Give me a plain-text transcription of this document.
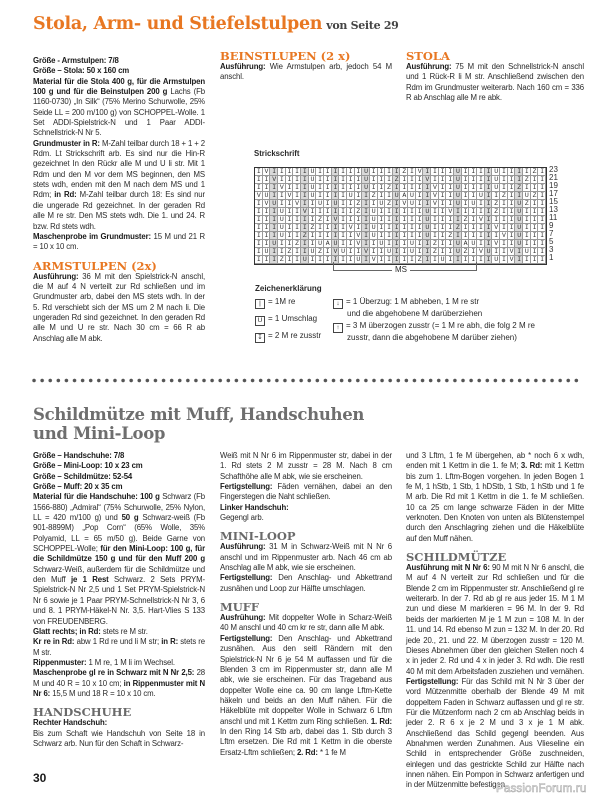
Stola, Arm- und Stiefelstulpen von Seite 29

Größe - Armstulpen: 7/8

Größe – Stola: 50 x 160 cm

Material für die Stola 400 g, für die Armstulpen 100 g und für die Beinstulpen 200 g Lachs (Fb 1160-0730) „In Silk“ (75% Merino Schurwolle, 25% Seide LL = 200 m/100 g) von SCHOPPEL-Wolle. 1 Set ADDI-Spielstrick-N und 1 Paar ADDI-Schnellstrick-N Nr 5.

Grundmuster in R: M-Zahl teilbar durch 18 + 1 + 2 Rdm. Lt Strickschrift arb. Es sind nur die Hin-R gezeichnet In den Rückr alle M und U li str. Mit 1 Rdm und den M vor dem MS beginnen, den MS stets wdh, enden mit den M nach dem MS und 1 Rdm; in Rd: M-Zahl teilbar durch 18: Es sind nur die ungerade Rd gezeichnet. In der geraden Rd alle M re str. Den MS stets wdh. Die 1. und 24. R bzw. Rd stets wdh.

Maschenprobe im Grundmuster: 15 M und 21 R = 10 x 10 cm.

ARMSTULPEN (2x)

Ausführung: 36 M mit den Spielstrick-N anschl, die M auf 4 N verteilt zur Rd schließen und im Grundmuster arb, dabei den MS stets wdh. In der 5. Rd verschiebt sich der MS um 2 M nach li. Die ungeraden Rd sind gezeichnet. In den geraden Rd alle M und U re str. Nach 30 cm = 66 R ab Anschlag alle M abk.

BEINSTLUPEN (2 x)

Ausführung: Wie Armstulpen arb, jedoch 54 M anschl.

STOLA

Ausführung: 75 M mit den Schnellstrick-N anschl und 1 Rück-R li M str. Anschließend zwischen den Rdm im Grundmuster weiterarb. Nach 160 cm = 336 R ab Anschlag alle M re abk.

Strickschrift
IVIIIIIUIIIIIIUIIIIZIVIIIIUIIIIUIIIIZI
IIVIIIIUIIIIIIUIIIZIIIVIIIUIIIIUIIIZII
IIIVIIIUIIIIIIUIIZIIIIIVIIUIIIIUIIZIII
VUIIVIIUIIIIUIIZIIUAUIIVIIUIIUIIZIIUZI
IVUIIVIIUIUIIZIIUZIVUIIVIIUIUIIZIIUZII
IIIUIIVIIIIIIZIUIIIIIIUIIVIIIIIZIIUIII
IIIUIIIIZIVIIIIUIIIIIIUIIIIZIVIIIIUIII
IIIUIIIZIIIIVIIUIIIIIIUIIIZIIIIVIIUIII
IIIUIIZIIIIIIVIUIIIIIIUIIZIIIIIIVIUIII
IIUIIZIIUAUIIVIIUIIIUIIZIIUAUIIVIIUIII
IUIIZIIUZIVUIIVIIUIIUIIZIIUZIVUIIVIUII
IIIZIIUIIIIIIUIVIIIIIZIIUIIIIIIUIVIIII
23
21
19
17
15
13
11
9
7
5
3
1
MS
Zeichenerklärung
| = 1M re
U = 1 Umschlag
↧ = 2 M re zusstr
↓ = 1 Überzug: 1 M abheben, 1 M re str
und die abgehobene M darüberziehen
↑ = 3 M überzogen zusstr (= 1 M re abh, die folg 2 M re
zusstr, dann die abgehobene M darüber ziehen)
Schildmütze mit Muff, Handschuhen und Mini-Loop

Größe – Handschuhe: 7/8

Größe – Mini-Loop: 10 x 23 cm

Größe – Schildmütze: 52-54

Größe – Muff: 20 x 35 cm

Material für die Handschuhe: 100 g Schwarz (Fb 1566-880) „Admiral“ (75% Schurwolle, 25% Nylon, LL = 420 m/100 g) und 50 g Schwarz-weiß (Fb 901-8899M) „Pop Corn“ (65% Wolle, 35% Polyamid, LL = 65 m/50 g). Beide Garne von SCHOPPEL-Wolle; für den Mini-Loop: 100 g, für die Schildmütze 150 g und für den Muff 200 g Schwarz-Weiß, außerdem für die Schildmütze und den Muff je 1 Rest Schwarz. 2 Sets PRYM-Spielstrick-N Nr 2,5 und 1 Set PRYM-Spielstrick-N Nr 6 sowie je 1 Paar PRYM-Schnellstrick-N Nr 3, 6 und 8. 1 PRYM-Häkel-N Nr. 3,5. Hart-Vlies S 133 von FREUDENBERG.

Glatt rechts; in Rd: stets re M str.

Kr re in Rd: abw 1 Rd re und li M str; in R: stets re M str.

Rippenmuster: 1 M re, 1 M li im Wechsel.

Maschenprobe gl re in Schwarz mit N Nr 2,5: 28 M und 40 R = 10 x 10 cm; in Rippenmuster mit N Nr 6: 15,5 M und 18 R = 10 x 10 cm.

HANDSCHUHE

Rechter Handschuh:

Bis zum Schaft wie Handschuh von Seite 18 in Schwarz arb. Nun für den Schaft in Schwarz-

Weiß mit N Nr 6 im Rippenmuster str, dabei in der 1. Rd stets 2 M zusstr = 28 M. Nach 8 cm Schafthöhe alle M abk, wie sie erscheinen.

Fertigstellung: Fäden vernähen, dabei an den Fingerstegen die Naht schließen.

Linker Handschuh:

Gegengl arb.

MINI-LOOP

Ausführung: 31 M in Schwarz-Weiß mit N Nr 6 anschl und im Rippenmuster arb. Nach 46 cm ab Anschlag alle M abk, wie sie erscheinen.

Fertigstellung: Den Anschlag- und Abkettrand zusnähen und Loop zur Hälfte umschlagen.

MUFF

Ausfrühung: Mit doppelter Wolle in Scharz-Weiß 40 M anschl und 40 cm kr re str, dann alle M abk.

Fertigstellung: Den Anschlag- und Abkettrand zusnähen. Aus den seitl Rändern mit den Spielstrick-N Nr 6 je 54 M auffassen und für die Blenden 3 cm im Rippenmuster str, dann alle M abk, wie sie erscheinen. Für das Trageband aus doppelter Wolle eine ca. 90 cm lange Lftm-Kette häkeln und beids an den Muff nähen. Für die Häkelblüte mit doppelter Wolle in Schwarz 6 Lftm anschl und mit 1 Kettm zum Ring schließen. 1. Rd: In den Ring 14 Stb arb, dabei das 1. Stb durch 3 Lftm ersetzen. Die Rd mit 1 Kettm in die oberste Ersatz-Lftm schließen; 2. Rd: * 1 fe M

und 3 Lftm, 1 fe M übergehen, ab * noch 6 x wdh, enden mit 1 Kettm in die 1. fe M; 3. Rd: mit 1 Kettm bis zum 1. Lftm-Bogen vorgehen. In jeden Bogen 1 fe M, 1 hStb, 1 Stb, 1 hDStb, 1 Stb, 1 hStb und 1 fe M arb. Die Rd mit 1 Kettm in die 1. fe M schließen. 10 ca 25 cm lange schwarze Fäden in der Mitte verknoten. Den Knoten von unten als Blütenstempel durch den Anschlagring ziehen und die Häkelblüte auf den Muff nähen.

SCHILDMÜTZE

Ausführung mit N Nr 6: 90 M mit N Nr 6 anschl, die M auf 4 N verteilt zur Rd schließen und für die Blende 2 cm im Rippenmuster str. Anschließend gl re weiterarb. In der 7. Rd ab gl re aus jeder 15. M 1 M zun und diese M markieren = 96 M. In der 9. Rd beids der markierten M je 1 M zun = 108 M. In der 11. und 14. Rd ebenso M zun = 132 M. In der 20. Rd jede 20., 21. und 22. M überzogen zusstr = 120 M. Dieses Abnehmen über den gleichen Stellen noch 4 x in jeder 2. Rd und 4 x in jeder 3. Rd wdh. Die restl 40 M mit dem Arbeitsfaden zusziehen und vernähen. Fertigstellung: Für das Schild mit N Nr 3 über der vord Mützenmitte oberhalb der Blende 49 M mit doppeltem Faden in Schwarz auffassen und gl re str. Für die Mützenform nach 2 cm ab Anschlag beids in jeder 2. R 6 x je 2 M und 3 x je 1 M abk. Anschließend das Schild gegengl beenden. Aus Abnahmen werden Zunahmen. Aus Vlieseline ein Schild in entsprechender Größe zuschneiden, einlegen und das gestrickte Schild zur Hälfte nach innen nähen. Ein Pompon in Schwarz anfertigen und in der Mützenmitte befestigen.

30
PassionForum.ru
